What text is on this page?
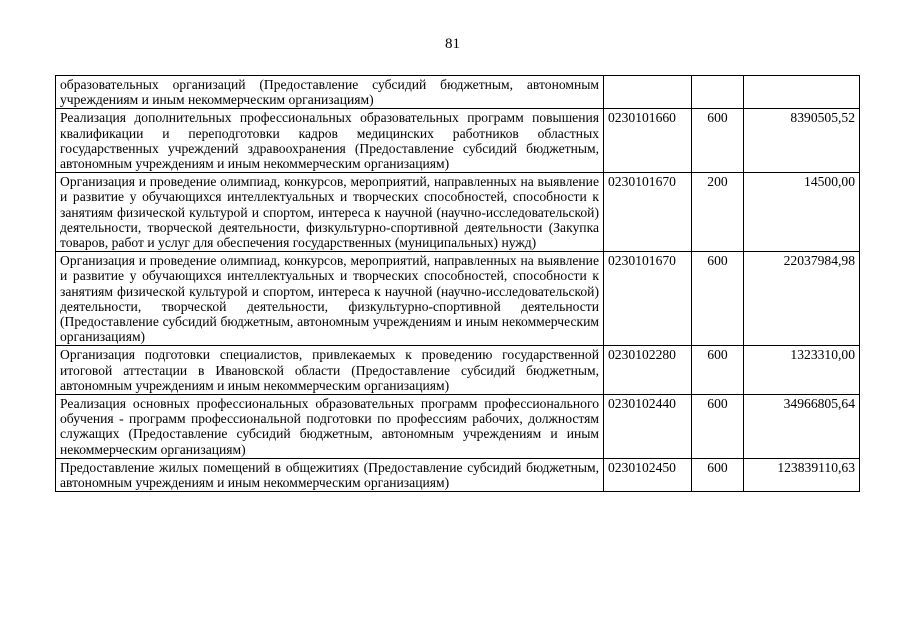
81
образовательных организаций (Предоставление субсидий бюджетным, автономным учреждениям и иным некоммерческим организациям)			
Реализация дополнительных профессиональных образовательных программ повышения квалификации и переподготовки кадров медицинских работников областных государственных учреждений здравоохранения (Предоставление субсидий бюджетным, автономным учреждениям и иным некоммерческим организациям)	0230101660	600	8390505,52
Организация и проведение олимпиад, конкурсов, мероприятий, направленных на выявление и развитие у обучающихся интеллектуальных и творческих способностей, способности к занятиям физической культурой и спортом, интереса к научной (научно-исследовательской) деятельности, творческой деятельности, физкультурно-спортивной деятельности (Закупка товаров, работ и услуг для обеспечения государственных (муниципальных) нужд)	0230101670	200	14500,00
Организация и проведение олимпиад, конкурсов, мероприятий, направленных на выявление и развитие у обучающихся интеллектуальных и творческих способностей, способности к занятиям физической культурой и спортом, интереса к научной (научно-исследовательской) деятельности, творческой деятельности, физкультурно-спортивной деятельности (Предоставление субсидий бюджетным, автономным учреждениям и иным некоммерческим организациям)	0230101670	600	22037984,98
Организация подготовки специалистов, привлекаемых к проведению государственной итоговой аттестации в Ивановской области (Предоставление субсидий бюджетным, автономным учреждениям и иным некоммерческим организациям)	0230102280	600	1323310,00
Реализация основных профессиональных образовательных программ профессионального обучения - программ профессиональной подготовки по профессиям рабочих, должностям служащих (Предоставление субсидий бюджетным, автономным учреждениям и иным некоммерческим организациям)	0230102440	600	34966805,64
Предоставление жилых помещений в общежитиях (Предоставление субсидий бюджетным, автономным учреждениям и иным некоммерческим организациям)	0230102450	600	123839110,63
